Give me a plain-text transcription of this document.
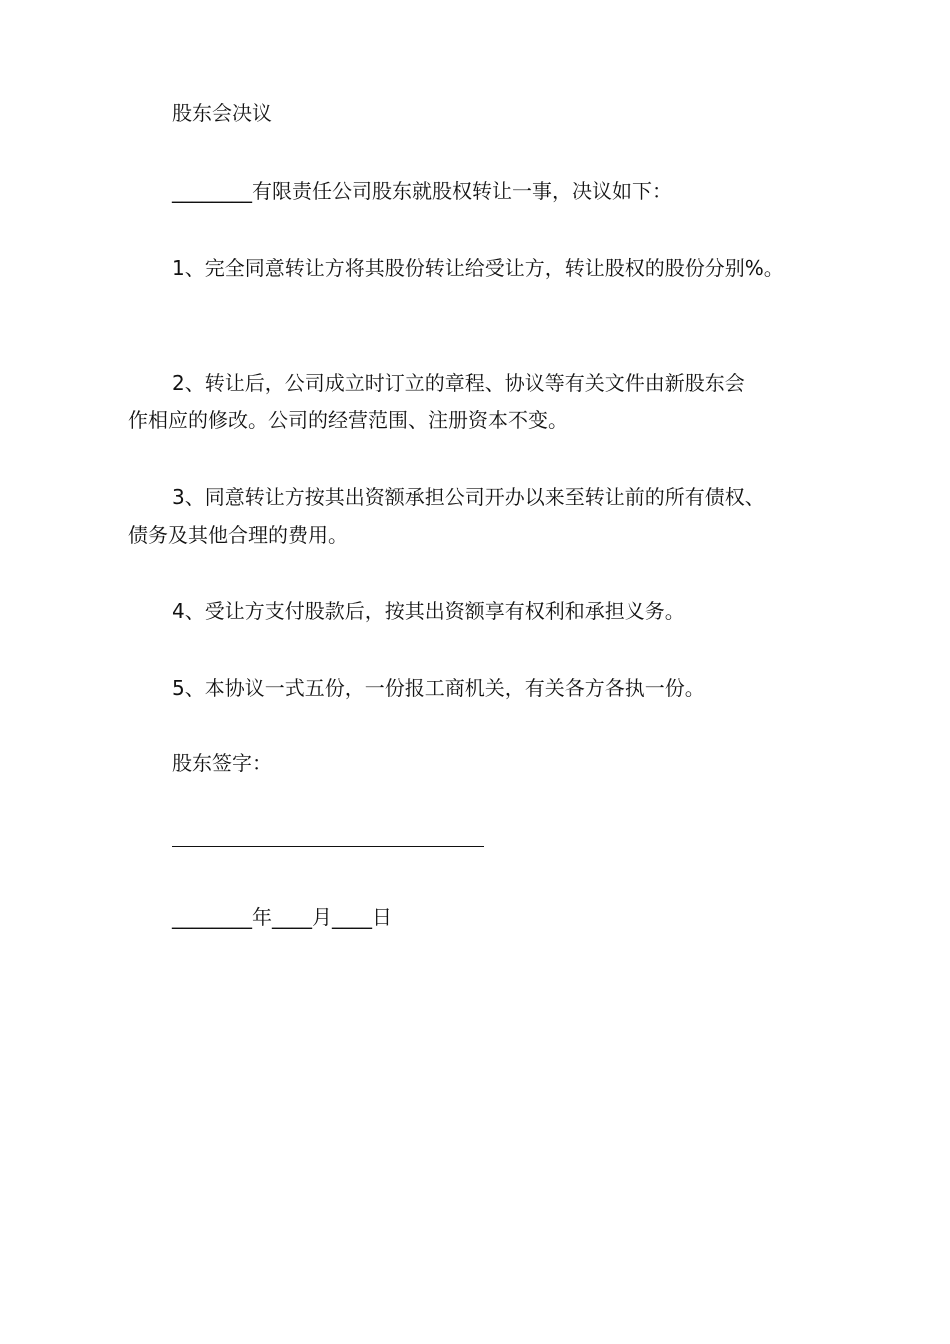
股东会决议
________有限责任公司股东就股权转让一事，决议如下：
1、完全同意转让方将其股份转让给受让方，转让股权的股份分别%。
2、转让后，公司成立时订立的章程、协议等有关文件由新股东会
作相应的修改。公司的经营范围、注册资本不变。
3、同意转让方按其出资额承担公司开办以来至转让前的所有债权、
债务及其他合理的费用。
4、受让方支付股款后，按其出资额享有权利和承担义务。
5、本协议一式五份，一份报工商机关，有关各方各执一份。
股东签字：
________年____月____日
